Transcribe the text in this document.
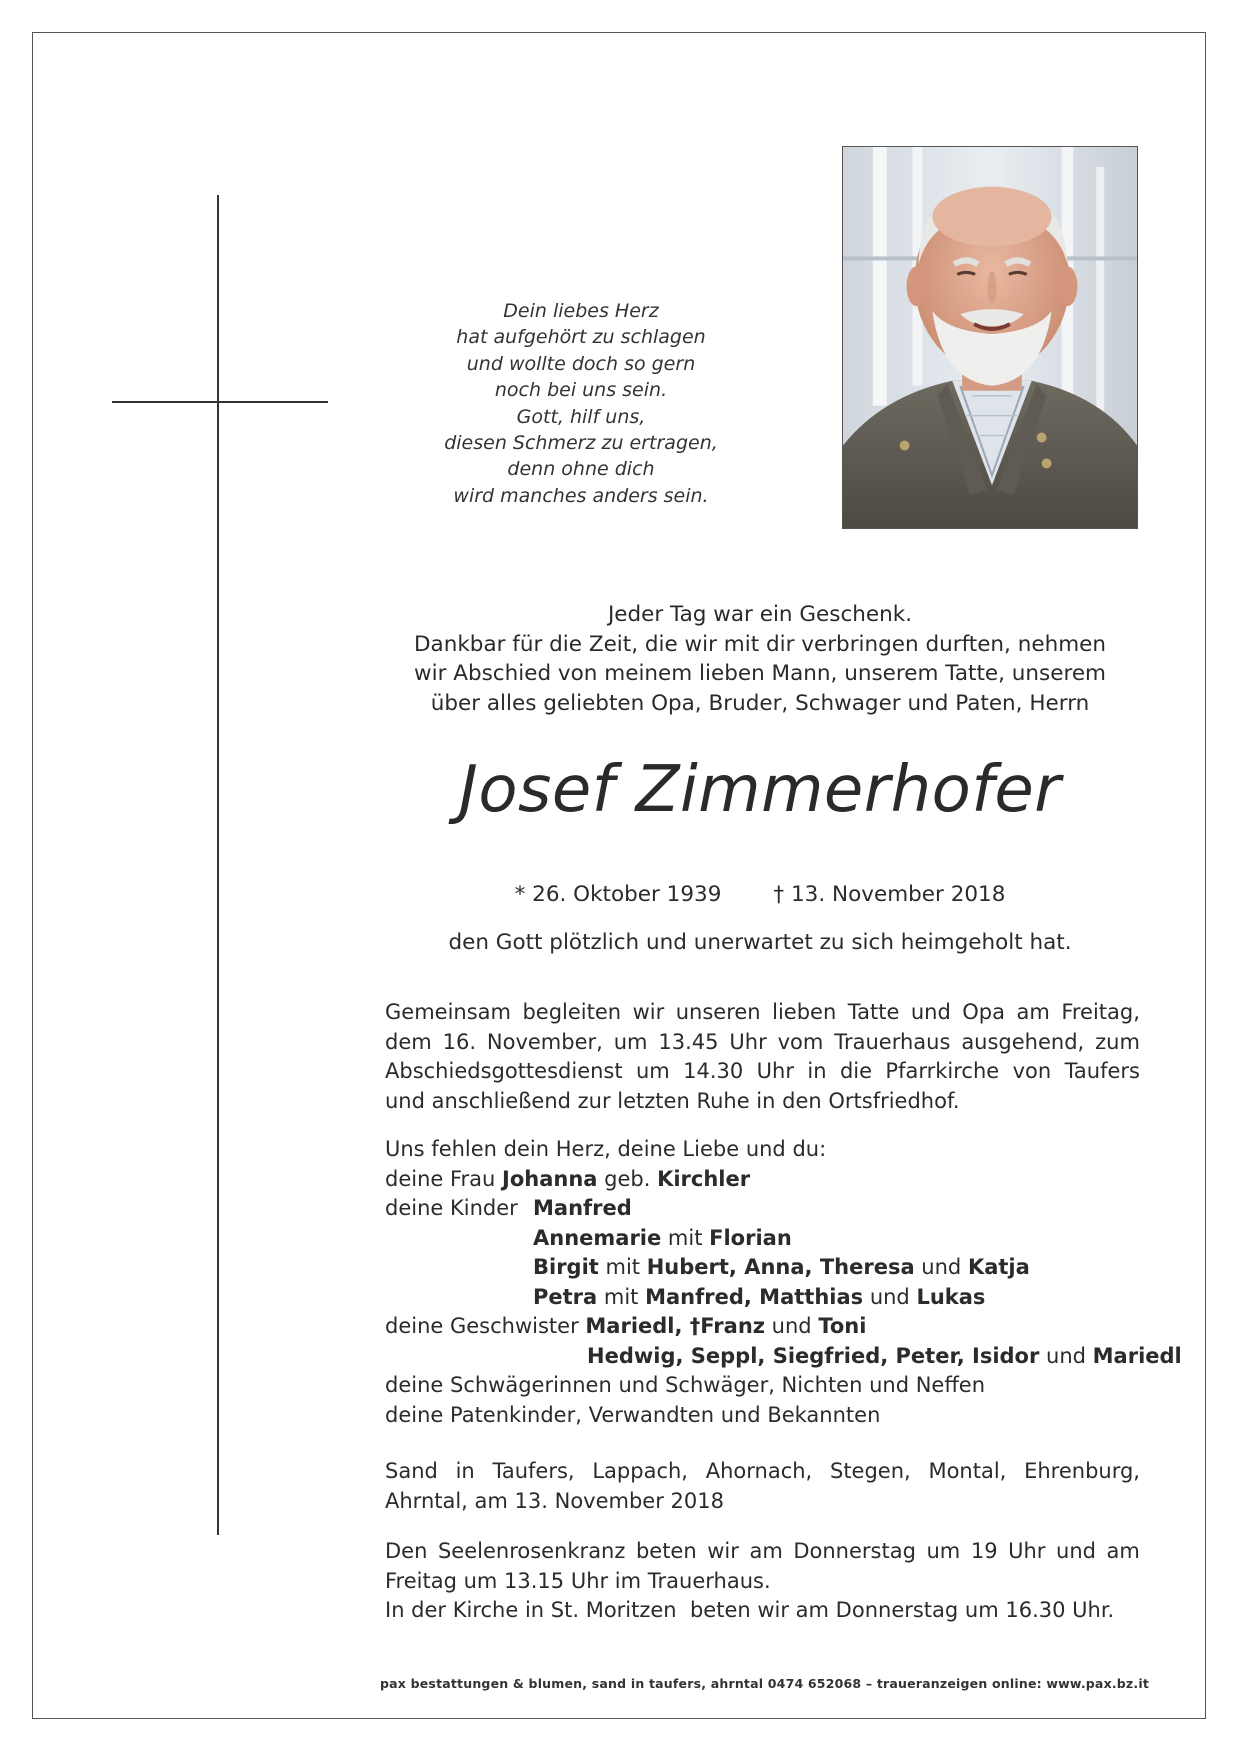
Dein liebes Herz
hat aufgehört zu schlagen
und wollte doch so gern
noch bei uns sein.
Gott, hilf uns,
diesen Schmerz zu ertragen,
denn ohne dich
wird manches anders sein.
Jeder Tag war ein Geschenk.
Dankbar für die Zeit, die wir mit dir verbringen durften, nehmen
wir Abschied von meinem lieben Mann, unserem Tatte, unserem
über alles geliebten Opa, Bruder, Schwager und Paten, Herrn
Josef Zimmerhofer
* 26. Oktober 1939 † 13. November 2018
den Gott plötzlich und unerwartet zu sich heimgeholt hat.
Gemeinsam begleiten wir unseren lieben Tatte und Opa am Freitag,
dem 16. November, um 13.45 Uhr vom Trauerhaus ausgehend, zum
Abschiedsgottesdienst um 14.30 Uhr in die Pfarrkirche von Taufers
und anschließend zur letzten Ruhe in den Ortsfriedhof.
Uns fehlen dein Herz, deine Liebe und du:
deine Frau Johanna geb. Kirchler
deine Kinder Manfred
Annemarie mit Florian
Birgit mit Hubert, Anna, Theresa und Katja
Petra mit Manfred, Matthias und Lukas
deine Geschwister Mariedl, †Franz und Toni
Hedwig, Seppl, Siegfried, Peter, Isidor und Mariedl
deine Schwägerinnen und Schwäger, Nichten und Neffen
deine Patenkinder, Verwandten und Bekannten
Sand in Taufers, Lappach, Ahornach, Stegen, Montal, Ehrenburg,
Ahrntal, am 13. November 2018
Den Seelenrosenkranz beten wir am Donnerstag um 19 Uhr und am
Freitag um 13.15 Uhr im Trauerhaus.
In der Kirche in St. Moritzen  beten wir am Donnerstag um 16.30 Uhr.
pax bestattungen & blumen, sand in taufers, ahrntal 0474 652068 – traueranzeigen online: www.pax.bz.it
